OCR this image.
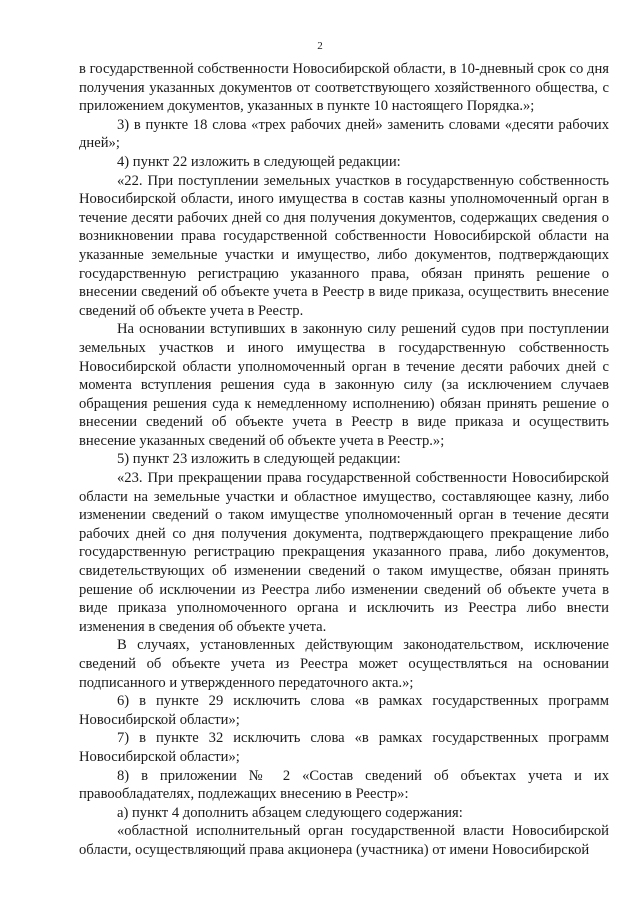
2

в государственной собственности Новосибирской области, в 10-дневный срок со дня получения указанных документов от соответствующего хозяйственного общества, с приложением документов, указанных в пункте 10 настоящего Порядка.»;

3) в пункте 18 слова «трех рабочих дней» заменить словами «десяти рабочих дней»;

4) пункт 22 изложить в следующей редакции:

«22. При поступлении земельных участков в государственную собственность Новосибирской области, иного имущества в состав казны уполномоченный орган в течение десяти рабочих дней со дня получения документов, содержащих сведения о возникновении права государственной собственности Новосибирской области на указанные земельные участки и имущество, либо документов, подтверждающих государственную регистрацию указанного права, обязан принять решение о внесении сведений об объекте учета в Реестр в виде приказа, осуществить внесение сведений об объекте учета в Реестр.

На основании вступивших в законную силу решений судов при поступлении земельных участков и иного имущества в государственную собственность Новосибирской области уполномоченный орган в течение десяти рабочих дней с момента вступления решения суда в законную силу (за исключением случаев обращения решения суда к немедленному исполнению) обязан принять решение о внесении сведений об объекте учета в Реестр в виде приказа и осуществить внесение указанных сведений об объекте учета в Реестр.»;

5) пункт 23 изложить в следующей редакции:

«23. При прекращении права государственной собственности Новосибирской области на земельные участки и областное имущество, составляющее казну, либо изменении сведений о таком имуществе уполномоченный орган в течение десяти рабочих дней со дня получения документа, подтверждающего прекращение либо государственную регистрацию прекращения указанного права, либо документов, свидетельствующих об изменении сведений о таком имуществе, обязан принять решение об исключении из Реестра либо изменении сведений об объекте учета в виде приказа уполномоченного органа и исключить из Реестра либо внести изменения в сведения об объекте учета.

В случаях, установленных действующим законодательством, исключение сведений об объекте учета из Реестра может осуществляться на основании подписанного и утвержденного передаточного акта.»;

6) в пункте 29 исключить слова «в рамках государственных программ Новосибирской области»;

7) в пункте 32 исключить слова «в рамках государственных программ Новосибирской области»;

8) в приложении № 2 «Состав сведений об объектах учета и их правообладателях, подлежащих внесению в Реестр»:

а) пункт 4 дополнить абзацем следующего содержания:

«областной исполнительный орган государственной власти Новосибирской области, осуществляющий права акционера (участника) от имени Новосибирской
